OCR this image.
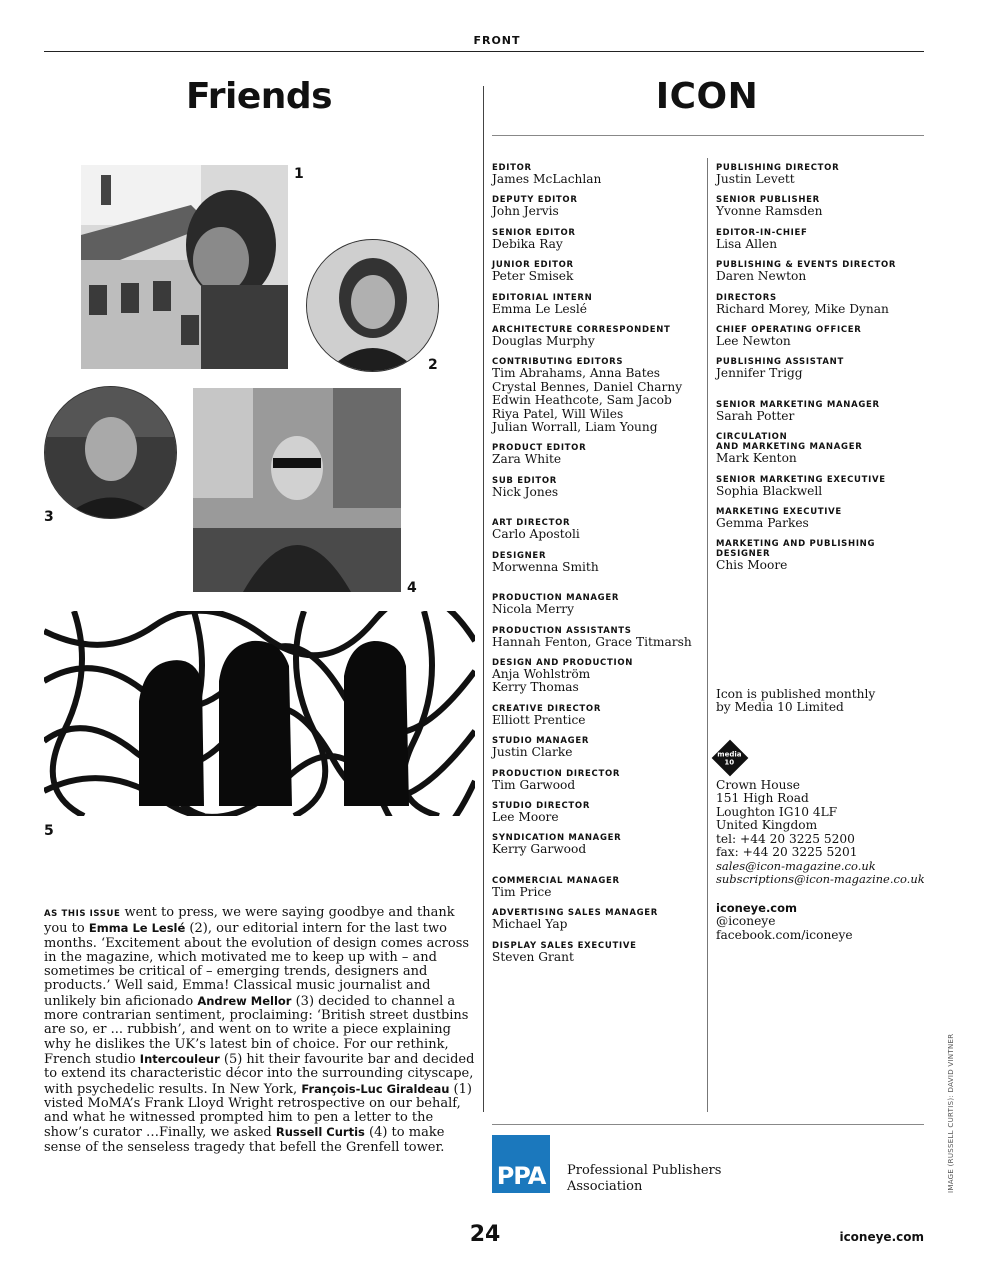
FRONT
Friends	ICON
1
2
3
4
5
AS THIS ISSUE went to press, we were saying goodbye and thank you to Emma Le Leslé (2), our editorial intern for the last two months. ‘Excitement about the evolution of design comes across in the magazine, which motivated me to keep up with – and sometimes be critical of – emerging trends, designers and products.’ Well said, Emma! Classical music journalist and unlikely bin aficionado Andrew Mellor (3) decided to channel a more contrarian sentiment, proclaiming: ‘British street dustbins are so, er ... rubbish’, and went on to write a piece explaining why he dislikes the UK’s latest bin of choice. For our rethink, French studio Intercouleur (5) hit their favourite bar and decided to extend its characteristic décor into the surrounding cityscape, with psychedelic results. In New York, François-Luc Giraldeau (1) visted MoMA’s Frank Lloyd Wright retrospective on our behalf, and what he witnessed prompted him to pen a letter to the show’s curator …Finally, we asked Russell Curtis (4) to make sense of the senseless tragedy that befell the Grenfell tower.
EDITOR
James McLachlan
DEPUTY EDITOR
John Jervis
SENIOR EDITOR
Debika Ray
JUNIOR EDITOR
Peter Smisek
EDITORIAL INTERN
Emma Le Leslé
ARCHITECTURE CORRESPONDENT
Douglas Murphy
CONTRIBUTING EDITORS
Tim Abrahams, Anna Bates
Crystal Bennes, Daniel Charny
Edwin Heathcote, Sam Jacob
Riya Patel, Will Wiles
Julian Worrall, Liam Young
PRODUCT EDITOR
Zara White
SUB EDITOR
Nick Jones
ART DIRECTOR
Carlo Apostoli
DESIGNER
Morwenna Smith
PRODUCTION MANAGER
Nicola Merry
PRODUCTION ASSISTANTS
Hannah Fenton, Grace Titmarsh
DESIGN AND PRODUCTION
Anja Wohlström
Kerry Thomas
CREATIVE DIRECTOR
Elliott Prentice
STUDIO MANAGER
Justin Clarke
PRODUCTION DIRECTOR
Tim Garwood
STUDIO DIRECTOR
Lee Moore
SYNDICATION MANAGER
Kerry Garwood
COMMERCIAL MANAGER
Tim Price
ADVERTISING SALES MANAGER
Michael Yap
DISPLAY SALES EXECUTIVE
Steven Grant
PUBLISHING DIRECTOR
Justin Levett
SENIOR PUBLISHER
Yvonne Ramsden
EDITOR-IN-CHIEF
Lisa Allen
PUBLISHING & EVENTS DIRECTOR
Daren Newton
DIRECTORS
Richard Morey, Mike Dynan
CHIEF OPERATING OFFICER
Lee Newton
PUBLISHING ASSISTANT
Jennifer Trigg
SENIOR MARKETING MANAGER
Sarah Potter
CIRCULATION
AND MARKETING MANAGER
Mark Kenton
SENIOR MARKETING EXECUTIVE
Sophia Blackwell
MARKETING EXECUTIVE
Gemma Parkes
MARKETING AND PUBLISHING
DESIGNER
Chis Moore
Icon is published monthly
by Media 10 Limited
media 10
Crown House
151 High Road
Loughton IG10 4LF
United Kingdom
tel: +44 20 3225 5200
fax: +44 20 3225 5201
sales@icon-magazine.co.uk
subscriptions@icon-magazine.co.uk
iconeye.com
@iconeye
facebook.com/iconeye
PPA	Professional Publishers
Association	IMAGE (RUSSELL CURTIS): DAVID VINTNER
24	iconeye.com
